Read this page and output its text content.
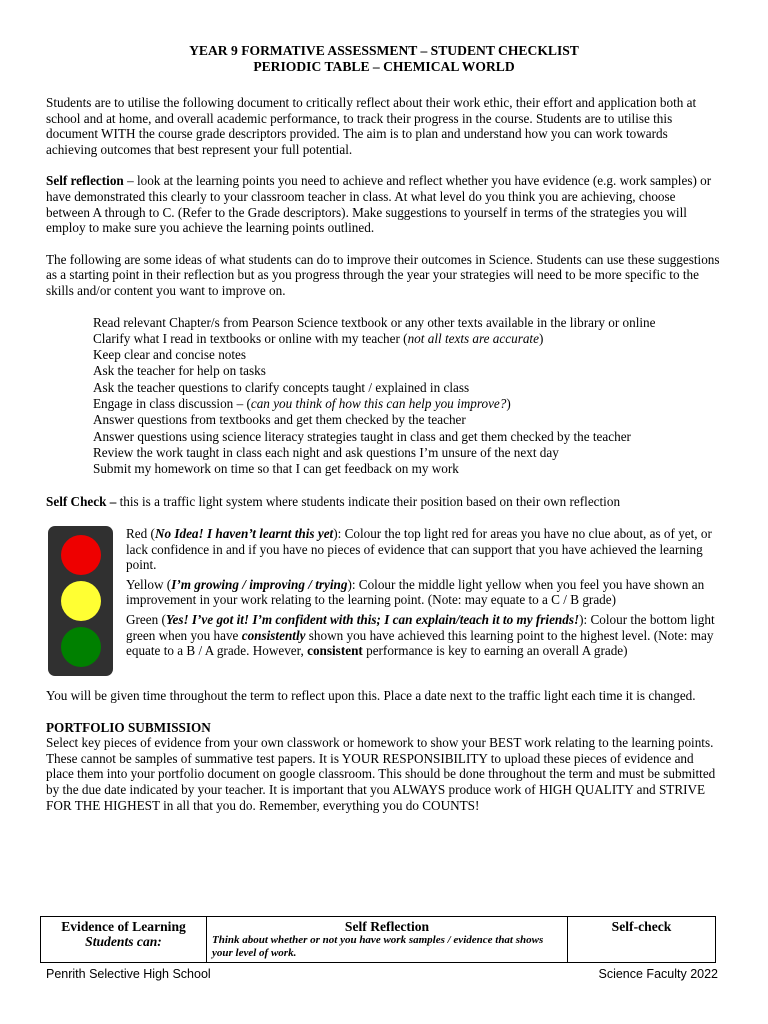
YEAR 9 FORMATIVE ASSESSMENT – STUDENT CHECKLIST

PERIODIC TABLE – CHEMICAL WORLD

Students are to utilise the following document to critically reflect about their work ethic, their effort and application both at school and at home, and overall academic performance, to track their progress in the course. Students are to utilise this document WITH the course grade descriptors provided. The aim is to plan and understand how you can work towards achieving outcomes that best represent your full potential.

Self reflection – look at the learning points you need to achieve and reflect whether you have evidence (e.g. work samples) or have demonstrated this clearly to your classroom teacher in class. At what level do you think you are achieving, choose between A through to C. (Refer to the Grade descriptors). Make suggestions to yourself in terms of the strategies you will employ to make sure you achieve the learning points outlined.

The following are some ideas of what students can do to improve their outcomes in Science. Students can use these suggestions as a starting point in their reflection but as you progress through the year your strategies will need to be more specific to the skills and/or content you want to improve on.

Read relevant Chapter/s from Pearson Science textbook or any other texts available in the library or online
Clarify what I read in textbooks or online with my teacher (not all texts are accurate)
Keep clear and concise notes
Ask the teacher for help on tasks
Ask the teacher questions to clarify concepts taught / explained in class
Engage in class discussion – (can you think of how this can help you improve?)
Answer questions from textbooks and get them checked by the teacher
Answer questions using science literacy strategies taught in class and get them checked by the teacher
Review the work taught in class each night and ask questions I’m unsure of the next day
Submit my homework on time so that I can get feedback on my work

Self Check – this is a traffic light system where students indicate their position based on their own reflection

Red (No Idea! I haven’t learnt this yet): Colour the top light red for areas you have no clue about, as of yet, or lack confidence in and if you have no pieces of evidence that can support that you have achieved the learning point.

Yellow (I’m growing / improving / trying): Colour the middle light yellow when you feel you have shown an improvement in your work relating to the learning point. (Note: may equate to a C / B grade)

Green (Yes! I’ve got it! I’m confident with this; I can explain/teach it to my friends!): Colour the bottom light green when you have consistently shown you have achieved this learning point to the highest level. (Note: may equate to a B / A grade. However, consistent performance is key to earning an overall A grade)

You will be given time throughout the term to reflect upon this. Place a date next to the traffic light each time it is changed.

PORTFOLIO SUBMISSION

Select key pieces of evidence from your own classwork or homework to show your BEST work relating to the learning points. These cannot be samples of summative test papers. It is YOUR RESPONSIBILITY to upload these pieces of evidence and place them into your portfolio document on google classroom. This should be done throughout the term and must be submitted by the due date indicated by your teacher. It is important that you ALWAYS produce work of HIGH QUALITY and STRIVE FOR THE HIGHEST in all that you do. Remember, everything you do COUNTS!

Evidence of Learning
Students can:

Self Reflection
Think about whether or not you have work samples / evidence that shows your level of work.

Self-check
Penrith Selective High School	Science Faculty 2022
